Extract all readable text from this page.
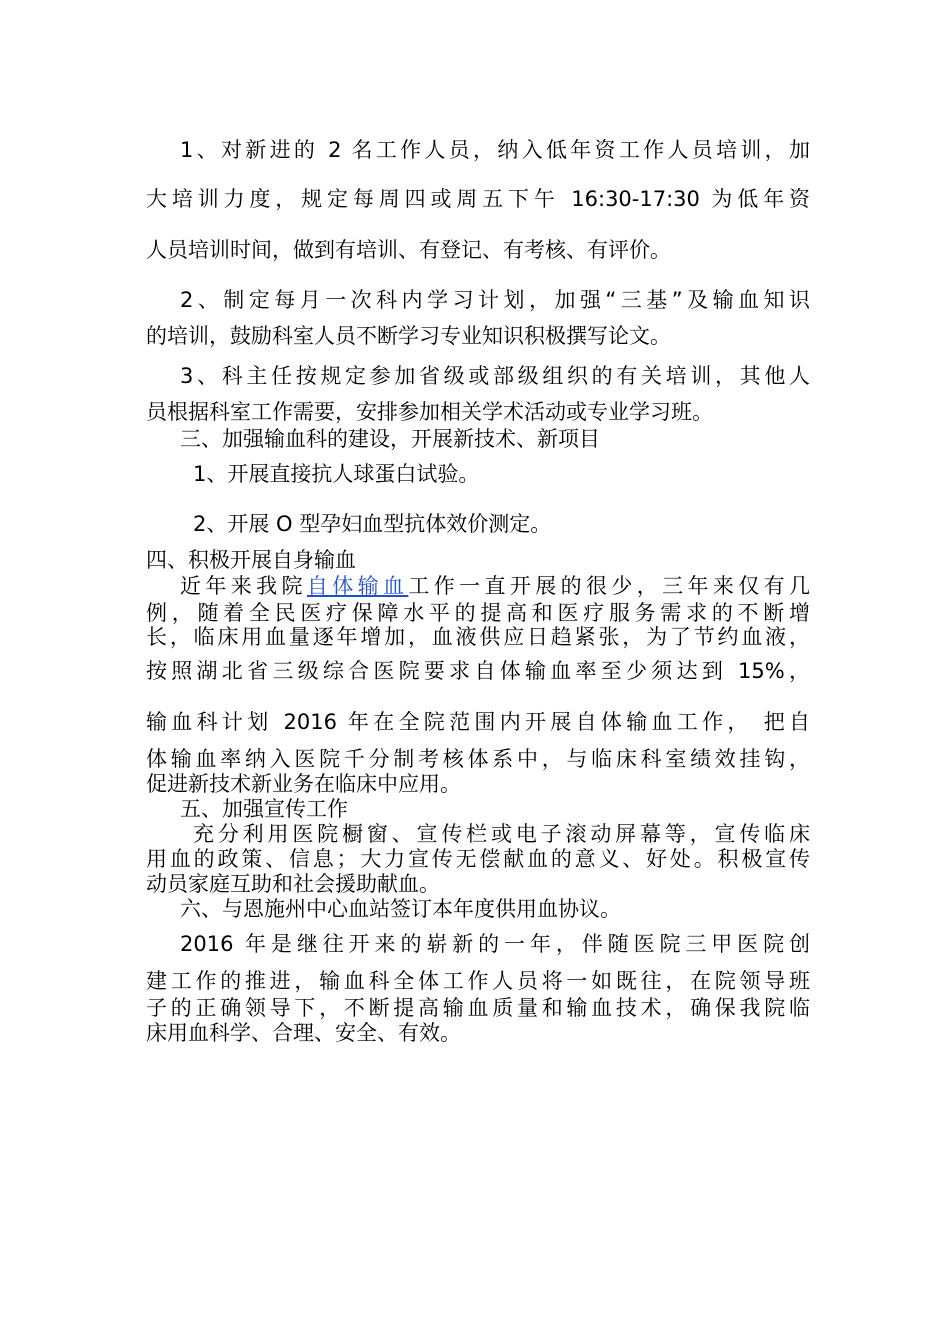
1、对新进的 2 名工作人员，纳入低年资工作人员培训，加

大培训力度，规定每周四或周五下午 16:30-17:30 为低年资

人员培训时间，做到有培训、有登记、有考核、有评价。

2、制定每月一次科内学习计划，加强“三基”及输血知识

的培训，鼓励科室人员不断学习专业知识积极撰写论文。

3、科主任按规定参加省级或部级组织的有关培训，其他人

员根据科室工作需要，安排参加相关学术活动或专业学习班。

三、加强输血科的建设，开展新技术、新项目

1、开展直接抗人球蛋白试验。

2、开展 O 型孕妇血型抗体效价测定。

四、积极开展自身输血

近年来我院自体输血工作一直开展的很少，三年来仅有几

例，随着全民医疗保障水平的提高和医疗服务需求的不断增

长，临床用血量逐年增加，血液供应日趋紧张，为了节约血液，

按照湖北省三级综合医院要求自体输血率至少须达到 15%，

输血科计划 2016 年在全院范围内开展自体输血工作， 把自

体输血率纳入医院千分制考核体系中，与临床科室绩效挂钩，

促进新技术新业务在临床中应用。

五、加强宣传工作

充分利用医院橱窗、宣传栏或电子滚动屏幕等，宣传临床

用血的政策、信息；大力宣传无偿献血的意义、好处。积极宣传

动员家庭互助和社会援助献血。

六、与恩施州中心血站签订本年度供用血协议。

2016 年是继往开来的崭新的一年，伴随医院三甲医院创

建工作的推进，输血科全体工作人员将一如既往，在院领导班

子的正确领导下，不断提高输血质量和输血技术，确保我院临

床用血科学、合理、安全、有效。
